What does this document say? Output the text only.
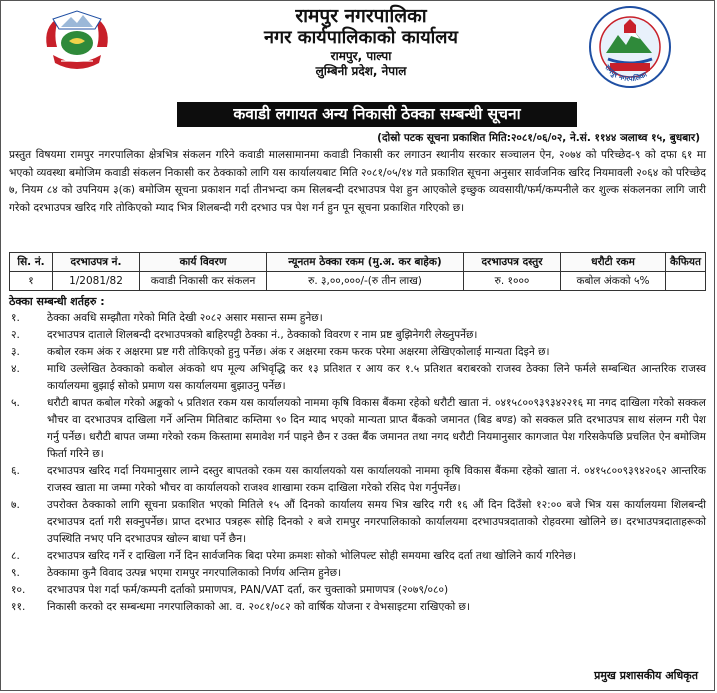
रामपुर नगरपालिका
नगर कार्यपालिकाको कार्यालय
रामपुर, पाल्पा
लुम्बिनी प्रदेश, नेपाल	रामपुर नगरपालिका
कवाडी लगायत अन्य निकासी ठेक्का सम्बन्धी सूचना
(दोस्रो पटक सूचना प्रकाशित मिति:२०८१/०६/०२, ने.सं. ११४४ ञलाथ्व १५, बुधबार)
प्रस्तुत विषयमा रामपुर नगरपालिका क्षेत्रभित्र संकलन गरिने कवाडी मालसामानमा कवाडी निकासी कर लगाउन स्थानीय सरकार सञ्चालन ऐन, २०७४ को परिच्छेद-९ को दफा ६१ मा भएको व्यवस्था बमोजिम कवाडी संकलन निकासी कर ठेक्काको लागि यस कार्यालयबाट मिति २०८१/०५/१४ गते प्रकाशित सूचना अनुसार सार्वजनिक खरिद नियमावली २०६४ को परिच्छेद ७, नियम ८४ को उपनियम ३(क) बमोजिम सूचना प्रकाशन गर्दा तीनभन्दा कम सिलबन्दी दरभाउपत्र पेश हुन आएकोले इच्छुक व्यवसायी/फर्म/कम्पनीले कर शुल्क संकलनका लागि जारी गरेको दरभाउपत्र खरिद गरि तोकिएको म्याद भित्र शिलबन्दी गरी दरभाउ पत्र पेश गर्न हुन पून सूचना प्रकाशित गरिएको छ।
सि. नं.	दरभाउपत्र नं.	कार्य विवरण	न्यूनतम ठेक्का रकम (मु.अ. कर बाहेक)	दरभाउपत्र दस्तुर	धरौटी रकम	कैफियत
१	1/2081/82	कवाडी निकासी कर संकलन	रु. ३,००,०००/-(रु तीन लाख)	रु. १०००	कबोल अंकको ५%	
ठेक्का सम्बन्धी शर्तहरु :
१.	ठेक्का अवधि सम्झौता गरेको मिति देखी २०८२ असार मसान्त सम्म हुनेछ।
२.	दरभाउपत्र दाताले शिलबन्दी दरभाउपत्रको बाहिरपट्टी ठेक्का नं., ठेक्काको विवरण र नाम प्रष्ट बुझिनेगरी लेख्नुपर्नेछ।
३.	कबोल रकम अंक र अक्षरमा प्रष्ट गरी तोकिएको हुनु पर्नेछ। अंक र अक्षरमा रकम फरक परेमा अक्षरमा लेखिएकोलाई मान्यता दिइने छ।
४.	माथि उल्लेखित ठेक्काको कबोल अंकको थप मूल्य अभिवृद्धि कर १३ प्रतिशत र आय कर १.५ प्रतिशत बराबरको राजस्व ठेक्का लिने फर्मले सम्बन्धित आन्तरिक राजस्व कार्यालयमा बुझाई सोको प्रमाण यस कार्यालयमा बुझाउनु पर्नेछ।
५.	धरौटी बापत कबोल गरेको अङ्कको ५ प्रतिशत रकम यस कार्यालयको नाममा कृषि विकास बैंकमा रहेको धरौटी खाता नं. ०४१५८००९३९३४२२१६ मा नगद दाखिला गरेको सक्कल भौचर वा दरभाउपत्र दाखिला गर्ने अन्तिम मितिबाट कम्तिमा ९० दिन म्याद भएको मान्यता प्राप्त बैंकको जमानत (बिड बण्ड) को सक्कल प्रति दरभाउपत्र साथ संलग्न गरी पेश गर्नु पर्नेछ। धरौटी बापत जम्मा गरेको रकम किस्तामा समावेश गर्न पाइने छैन र उक्त बैंक जमानत तथा नगद धरौटी नियमानुसार कागजात पेश गरिसकेपछि प्रचलित ऐन बमोजिम फिर्ता गरिने छ।
६.	दरभाउपत्र खरिद गर्दा नियमानुसार लाग्ने दस्तुर बापतको रकम यस कार्यालयको यस कार्यालयको नाममा कृषि विकास बैंकमा रहेको खाता नं. ०४१५८००९३९४२०६२ आन्तरिक राजस्व खाता मा जम्मा गरेको भौचर वा कार्यालयको राजश्व शाखामा रकम दाखिला गरेको रसिद पेश गर्नुपर्नेछ।
७.	उपरोक्त ठेक्काको लागि सूचना प्रकाशित भएको मितिले १५ औं दिनको कार्यालय समय भित्र खरिद गरी १६ औं दिन दिउँसो १२:०० बजे भित्र यस कार्यालयमा शिलबन्दी दरभाउपत्र दर्ता गरी सक्नुपर्नेछ। प्राप्त दरभाउ पत्रहरू सोहि दिनको २ बजे रामपुर नगरपालिकाको कार्यालयमा दरभाउपत्रदाताको रोहवरमा खोलिने छ। दरभाउपत्रदाताहरूको उपस्थिति नभए पनि दरभाउपत्र खोल्न बाधा पर्ने छैन।
८.	दरभाउपत्र खरिद गर्ने र दाखिला गर्ने दिन सार्वजनिक बिदा परेमा क्रमशः सोको भोलिपल्ट सोही समयमा खरिद दर्ता तथा खोलिने कार्य गरिनेछ।
९.	ठेक्कामा कुनै विवाद उत्पन्न भएमा रामपुर नगरपालिकाको निर्णय अन्तिम हुनेछ।
१०.	दरभाउपत्र पेश गर्दा फर्म/कम्पनी दर्ताको प्रमाणपत्र, PAN/VAT दर्ता, कर चुक्ताको प्रमाणपत्र (२०७९/०८०)
११.	निकासी करको दर सम्बन्धमा नगरपालिकाको आ. व. २०८१/०८२ को वार्षिक योजना र वेभसाइटमा राखिएको छ।
प्रमुख प्रशासकीय अधिकृत
